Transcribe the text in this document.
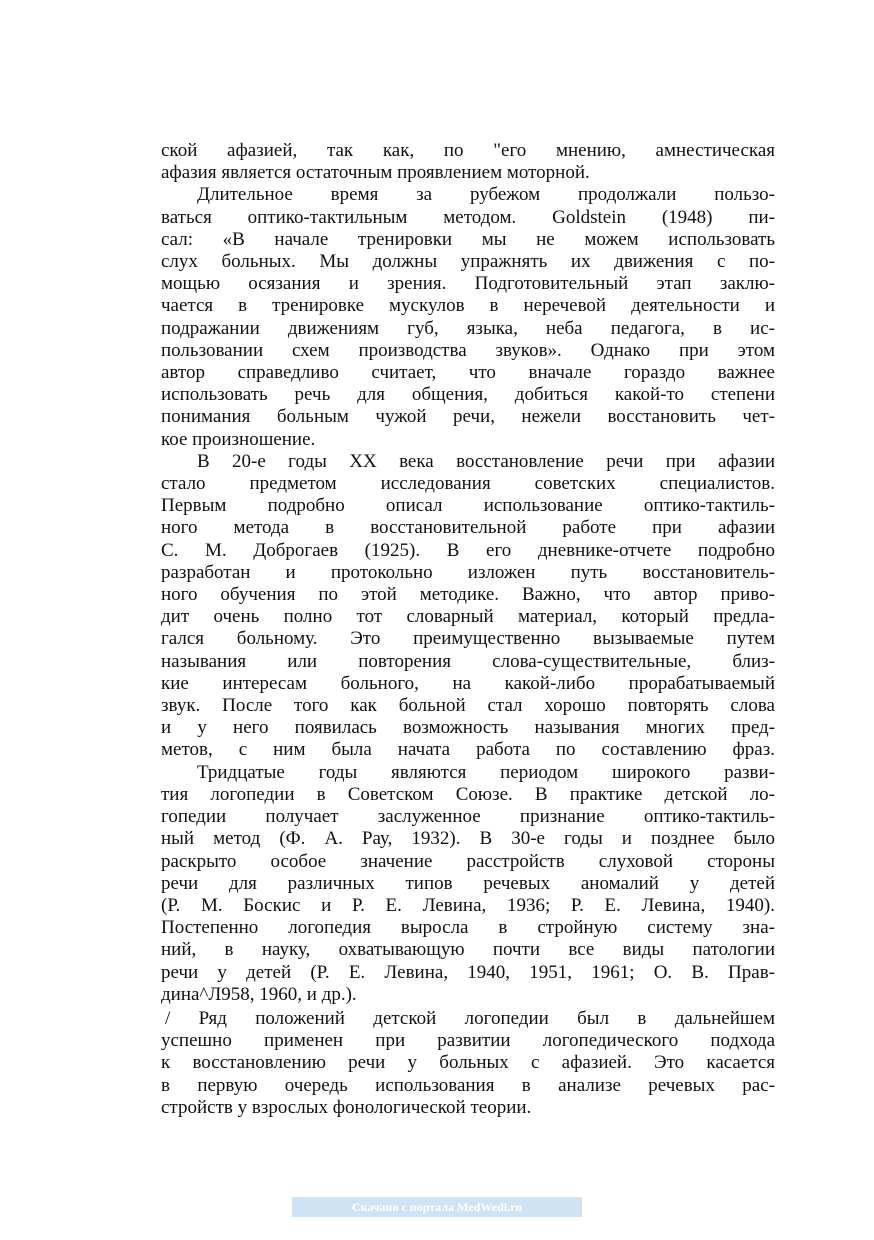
ской афазией, так как, по "его мнению, амнестическая
афазия является остаточным проявлением моторной.
Длительное время за рубежом продолжали пользо-
ваться оптико-тактильным методом. Goldstein (1948) пи-
сал: «В начале тренировки мы не можем использовать
слух больных. Мы должны упражнять их движения с по-
мощью осязания и зрения. Подготовительный этап заклю-
чается в тренировке мускулов в неречевой деятельности и
подражании движениям губ, языка, неба педагога, в ис-
пользовании схем производства звуков». Однако при этом
автор справедливо считает, что вначале гораздо важнее
использовать речь для общения, добиться какой-то степени
понимания больным чужой речи, нежели восстановить чет-
кое произношение.
В 20-е годы XX века восстановление речи при афазии
стало предметом исследования советских специалистов.
Первым подробно описал использование оптико-тактиль-
ного метода в восстановительной работе при афазии
С. М. Доброгаев (1925). В его дневнике-отчете подробно
разработан и протокольно изложен путь восстановитель-
ного обучения по этой методике. Важно, что автор приво-
дит очень полно тот словарный материал, который предла-
гался больному. Это преимущественно вызываемые путем
называния или повторения слова-существительные, близ-
кие интересам больного, на какой-либо прорабатываемый
звук. После того как больной стал хорошо повторять слова
и у него появилась возможность называния многих пред-
метов, с ним была начата работа по составлению фраз.
Тридцатые годы являются периодом широкого разви-
тия логопедии в Советском Союзе. В практике детской ло-
гопедии получает заслуженное признание оптико-тактиль-
ный метод (Ф. А. Рау, 1932). В 30-е годы и позднее было
раскрыто особое значение расстройств слуховой стороны
речи для различных типов речевых аномалий у детей
(Р. М. Боскис и Р. Е. Левина, 1936; Р. Е. Левина, 1940).
Постепенно логопедия выросла в стройную систему зна-
ний, в науку, охватывающую почти все виды патологии
речи у детей (Р. Е. Левина, 1940, 1951, 1961; О. В. Прав-
дина^Л958, 1960, и др.).
/ Ряд положений детской логопедии был в дальнейшем
успешно применен при развитии логопедического подхода
к восстановлению речи у больных с афазией. Это касается
в первую очередь использования в анализе речевых рас-
стройств у взрослых фонологической теории.
Скачано с портала MedWedi.ru
